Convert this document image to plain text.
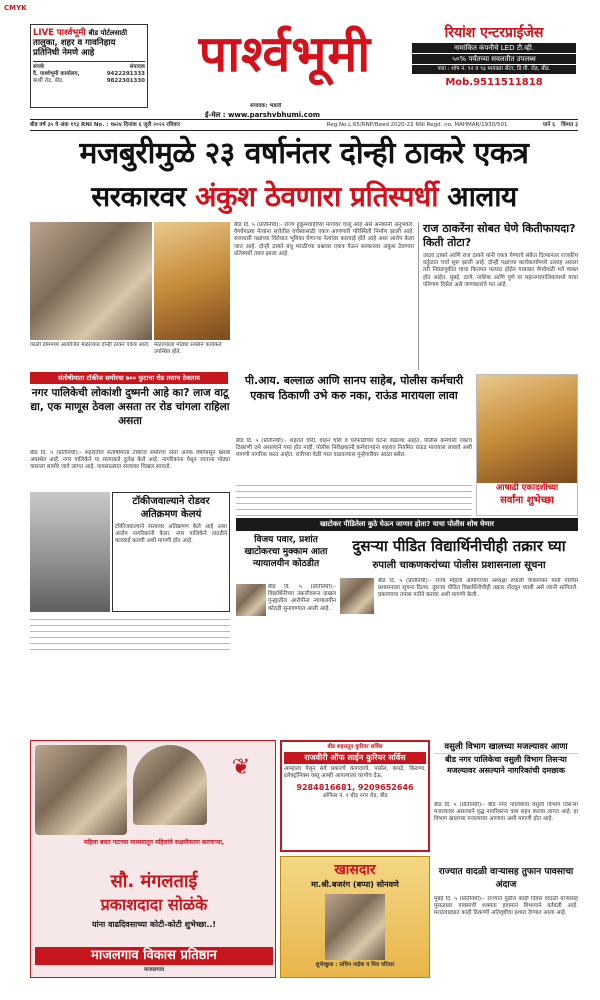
CMYK
LIVE पार्श्वभूमी बीड पोर्टलसाठी
तालुका, शहर व गावनिहाय
प्रतिनिधी नेमणे आहे
संपर्क
दै. पार्श्वभूमी कार्यालय,
बार्शी रोड, बीड.
संपादक
9422291333
9822301330	पार्श्वभूमी
संपादक: भंडारी
ई-मेल : www.parshvbhumi.com
रियांश एन्टरप्राईजेस
नामांकित कंपनीचे LED टी.व्ही.
५०% पर्यंतच्या सवलतीत उपलब्ध
पत्ता : शॉप नं. ९२ व ९३ मायक्ता सेंटर, डि.पी. रोड, बीड.
Mob.9511511818
बीड वर्ष ३५ वे अंक १९३ RNI No. : १७२४ दिनांक ६ जुलै २०२२ रविवार	Reg.No.L.65/RNP/Beed 2020-22 RNI Regd. no. MAHMAR/1930/501	पाने ६ किंमत ३
मजबुरीमुळे २३ वर्षानंतर दोन्ही ठाकरे एकत्र
सरकारवर अंकुश ठेवणारा प्रतिस्पर्धी आलाय
वरळी डोममध्ये आयोजित मेळाव्यात दोन्ही ठाकरे एकत्र आले. मेळाव्याला मोठ्या संख्येने कार्यकर्ते उपस्थित होते.
बीड दि. ५ (प्रतिनिधी):- राज्य हुकूमशाहीच्या मार्गावर चालू आहे असे अनेकांनी अनुभवले. वेगवेगळ्या नेत्यांना सत्तेतील वर्चस्वासाठी एकत्र आणणारी परिस्थिती निर्माण झाली आहे. सत्ताधारी पक्षांच्या विरोधात भूमिका घेणाऱ्या नेत्यांवर कारवाई होते आहे असा आरोप केला जात आहे. दोन्ही ठाकरे बंधू मराठीच्या प्रश्नावर एकत्र येऊन सरकारवर अंकुश ठेवणारा प्रतिस्पर्धी तयार झाला आहे.
राज ठाकरेंना सोबत घेणे कितीफायदा? किती तोटा?
उध्दव ठाकरे आणि राज ठाकरे यांनी एकत्र येण्याचे संकेत दिल्यानंतर राजकीय वर्तुळात चर्चा सुरू झाली आहे. दोन्ही पक्षांच्या कार्यकर्त्यांमध्ये उत्साह असला तरी निवडणुकीत याचा कितपत फायदा होईल याबाबत वेगवेगळी मते व्यक्त होत आहेत. मुंबई, ठाणे, नाशिक आणि पुणे या महानगरपालिकांमध्ये याचा परिणाम दिसेल असे जाणकारांचे मत आहे.
संतोषीमाता टॉकीज समोरचा ७०० फुटाचा रोड तसाच ठेवलाय
नगर पालिकेची लोकांशी दुष्मनी आहे का? लाज वाटू द्या, एक माणूस ठेवला असता तर रोड चांगला राहिला असता
बीड दि. ५ (प्रतिनिधी):- शहरातील संतोषीमाता टॉकीज समोरचा रस्ता अनेक वर्षांपासून खराब अवस्थेत आहे. नगर पालिकेने या रस्त्याकडे दुर्लक्ष केले आहे. नागरिकांना येथून जाताना मोठ्या त्रासाला सामोरे जावे लागत आहे. पावसाळ्यात रस्त्यावर चिखल साचतो.
टॉकीजवाल्याने रोडवर अतिक्रमण केलयं
टॉकीजवाल्याने रस्त्यावर अतिक्रमण केले आहे असा आरोप नागरिकांनी केला. नगर पालिकेने तातडीने कारवाई करावी अशी मागणी होत आहे.
पी.आय. बल्लाळ आणि सानप साहेब, पोलीस कर्मचारी एकाच ठिकाणी उभे करु नका, राऊंड मारायला लावा
बीड दि. ५ (प्रतिनिधी):- शहरात चोरी, वाहन चोरी व घरफोडीच्या घटना वाढल्या आहेत. पोलीस कर्मचारी एकाच ठिकाणी उभे असल्याने गस्त होत नाही. पोलीस निरीक्षकांनी कर्मचाऱ्यांना शहरात नियमित राऊंड मारायला लावावे अशी मागणी नागरिक करत आहेत. रात्रीच्या वेळी गस्त वाढवल्यास गुन्हेगारीवर आळा बसेल.
आषाढी एकादशीच्या
सर्वांना शुभेच्छा
खाटोकर पीडितेला कुठे घेऊन जाणार होता? याचा पोलीस शोध घेणार
विजय पवार, प्रशांत खाटोकरचा मुक्काम आता न्यायालयीन कोठडीत
बीड दि. ५ (प्रतिनिधी):- विद्यार्थिनीच्या तक्रारीवरून दाखल गुन्ह्यातील आरोपींना न्यायालयीन कोठडी सुनावण्यात आली आहे.
दुसऱ्या पीडित विद्यार्थिनीचीही तक्रार घ्या
रुपाली चाकणकरांच्या पोलीस प्रशासनाला सूचना
बीड दि. ५ (प्रतिनिधी):- राज्य महिला आयोगाच्या अध्यक्षा रुपाली चाकणकर यांनी पोलीस प्रशासनाला सूचना दिल्या. दुसऱ्या पीडित विद्यार्थिनीचीही तक्रार नोंदवून घ्यावी असे त्यांनी सांगितले. प्रकरणाचा तपास गतीने करावा अशी मागणी केली.
❦
महिला बचत गटाच्या माध्यमातून महिलांचे सक्षमीकरण करणाऱ्या,
सौ. मंगलताई
प्रकाशदादा सोळंके
यांना वाढदिवसाच्या कोटी-कोटी शुभेच्छा..!
माजलगाव विकास प्रतिष्ठान
माजलगाव
बीड शहरातून कुरियर सर्विस
राजवीरी ऑफ लाईन कुरियर सर्विस
आम्हाला येथून सर्व प्रकारचे कागदपत्रे, पार्सल, कपडे, किराणा, इलेक्ट्रॉनिक्स वस्तू आम्ही आपल्याला घरपोच देऊ.
9284816681, 9209652646
ऑफिस नं. १ बीड नगर रोड, बीड
खासदार
मा.श्री.बजरंग (बप्पा) सोनवणे
शुभेच्छुक : सचिन नाईक व मित्र परिवार
वसुली विभाग खालच्या मजल्यावर आणा
बीड नगर पालिकेचा वसुली विभाग तिसऱ्या मजल्यावर असल्याने नागरिकांची दमछाक
बीड दि. ५ (प्रतिनिधी):- बीड नगर पालिकेचा वसुली विभाग तिसऱ्या मजल्यावर असल्याने वृद्ध नागरिकांना त्रास सहन करावा लागत आहे. हा विभाग खालच्या मजल्यावर आणावा अशी मागणी होत आहे.
राज्यात वादळी वाऱ्यासह तुफान पावसाचा अंदाज
मुंबई दि. ५ (प्रतिनिधी):- राज्यात पुढील काही दिवस वादळी वाऱ्यासह मुसळधार पावसाची शक्यता हवामान विभागाने वर्तवली आहे. मराठवाड्यात काही ठिकाणी अतिवृष्टीचा इशारा देण्यात आला आहे.
